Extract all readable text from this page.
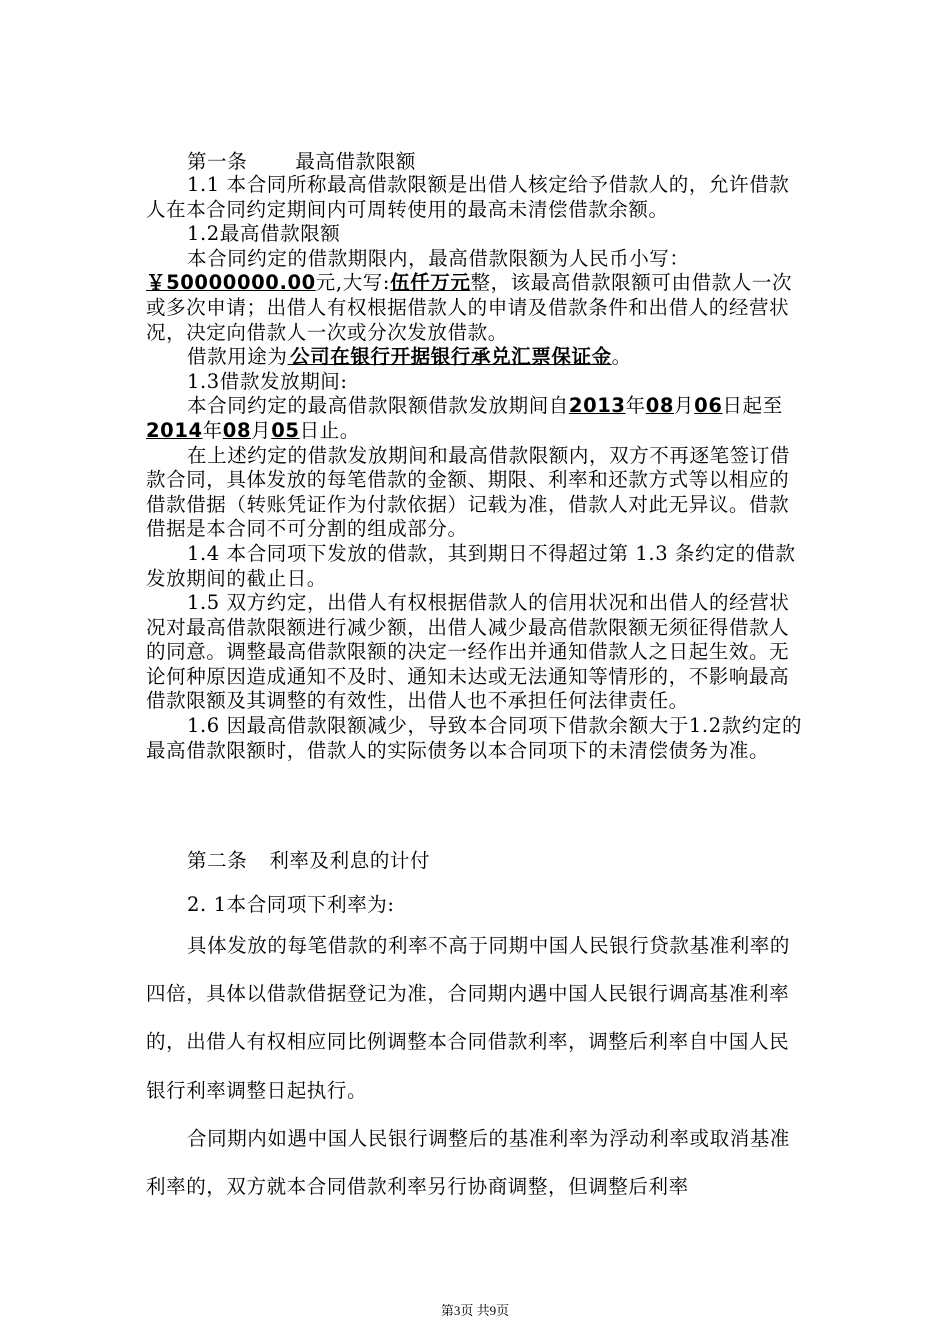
第一条 最高借款限额

1.1 本合同所称最高借款限额是出借人核定给予借款人的，允许借款人在本合同约定期间内可周转使用的最高未清偿借款余额。

1.2最高借款限额

本合同约定的借款期限内，最高借款限额为人民币小写：￥50000000.00元,大写:伍仟万元整，该最高借款限额可由借款人一次或多次申请；出借人有权根据借款人的申请及借款条件和出借人的经营状况，决定向借款人一次或分次发放借款。

借款用途为  公司在银行开据银行承兑汇票保证金。

1.3借款发放期间:

本合同约定的最高借款限额借款发放期间自2013年08月06日起至2014年08月05日止。

在上述约定的借款发放期间和最高借款限额内，双方不再逐笔签订借款合同，具体发放的每笔借款的金额、期限、利率和还款方式等以相应的借款借据（转账凭证作为付款依据）记载为准，借款人对此无异议。借款借据是本合同不可分割的组成部分。

1.4 本合同项下发放的借款，其到期日不得超过第 1.3 条约定的借款发放期间的截止日。

1.5 双方约定，出借人有权根据借款人的信用状况和出借人的经营状况对最高借款限额进行减少额，出借人减少最高借款限额无须征得借款人的同意。调整最高借款限额的决定一经作出并通知借款人之日起生效。无论何种原因造成通知不及时、通知未达或无法通知等情形的，不影响最高借款限额及其调整的有效性，出借人也不承担任何法律责任。

1.6 因最高借款限额减少，导致本合同项下借款余额大于1.2款约定的最高借款限额时，借款人的实际债务以本合同项下的未清偿债务为准。

第二条 利率及利息的计付

2. 1本合同项下利率为:

具体发放的每笔借款的利率不高于同期中国人民银行贷款基准利率的四倍，具体以借款借据登记为准，合同期内遇中国人民银行调高基准利率的，出借人有权相应同比例调整本合同借款利率，调整后利率自中国人民银行利率调整日起执行。

合同期内如遇中国人民银行调整后的基准利率为浮动利率或取消基准利率的，双方就本合同借款利率另行协商调整，但调整后利率

第3页 共9页
